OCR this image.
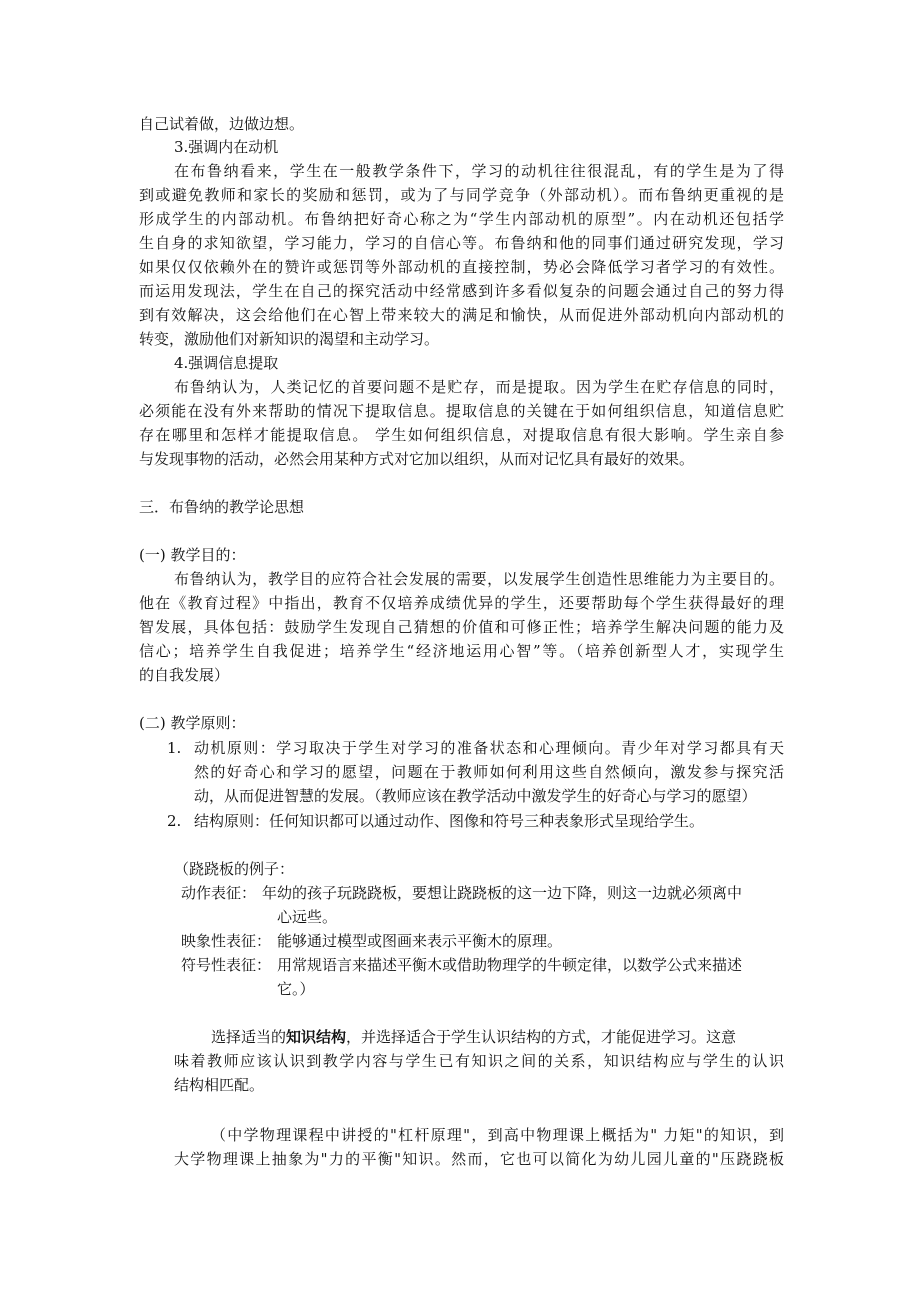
自己试着做，边做边想。
3.强调内在动机
在布鲁纳看来，学生在一般教学条件下，学习的动机往往很混乱，有的学生是为了得
到或避免教师和家长的奖励和惩罚，或为了与同学竞争（外部动机）。而布鲁纳更重视的是
形成学生的内部动机。布鲁纳把好奇心称之为“学生内部动机的原型”。内在动机还包括学
生自身的求知欲望，学习能力，学习的自信心等。布鲁纳和他的同事们通过研究发现，学习
如果仅仅依赖外在的赞许或惩罚等外部动机的直接控制，势必会降低学习者学习的有效性。
而运用发现法，学生在自己的探究活动中经常感到许多看似复杂的问题会通过自己的努力得
到有效解决，这会给他们在心智上带来较大的满足和愉快，从而促进外部动机向内部动机的
转变，激励他们对新知识的渴望和主动学习。
4.强调信息提取
布鲁纳认为，人类记忆的首要问题不是贮存，而是提取。因为学生在贮存信息的同时，
必须能在没有外来帮助的情况下提取信息。提取信息的关键在于如何组织信息，知道信息贮
存在哪里和怎样才能提取信息。 学生如何组织信息，对提取信息有很大影响。学生亲自参
与发现事物的活动，必然会用某种方式对它加以组织，从而对记忆具有最好的效果。
三．布鲁纳的教学论思想
(一) 教学目的：
布鲁纳认为，教学目的应符合社会发展的需要，以发展学生创造性思维能力为主要目的。
他在《教育过程》中指出，教育不仅培养成绩优异的学生，还要帮助每个学生获得最好的理
智发展，具体包括：鼓励学生发现自己猜想的价值和可修正性；培养学生解决问题的能力及
信心；培养学生自我促进；培养学生“经济地运用心智”等。（培养创新型人才，实现学生
的自我发展）
(二) 教学原则：
1. 动机原则：学习取决于学生对学习的准备状态和心理倾向。青少年对学习都具有天
然的好奇心和学习的愿望，问题在于教师如何利用这些自然倾向，激发参与探究活
动，从而促进智慧的发展。（教师应该在教学活动中激发学生的好奇心与学习的愿望）
2. 结构原则：任何知识都可以通过动作、图像和符号三种表象形式呈现给学生。
（跷跷板的例子：
动作表征： 年幼的孩子玩跷跷板，要想让跷跷板的这一边下降，则这一边就必须离中
心远些。
映象性表征： 能够通过模型或图画来表示平衡木的原理。
符号性表征： 用常规语言来描述平衡木或借助物理学的牛顿定律，以数学公式来描述
它。）
选择适当的知识结构，并选择适合于学生认识结构的方式，才能促进学习。这意
味着教师应该认识到教学内容与学生已有知识之间的关系，知识结构应与学生的认识
结构相匹配。
（中学物理课程中讲授的"杠杆原理"，到高中物理课上概括为" 力矩"的知识，到
大学物理课上抽象为"力的平衡"知识。然而，它也可以简化为幼儿园儿童的"压跷跷板
